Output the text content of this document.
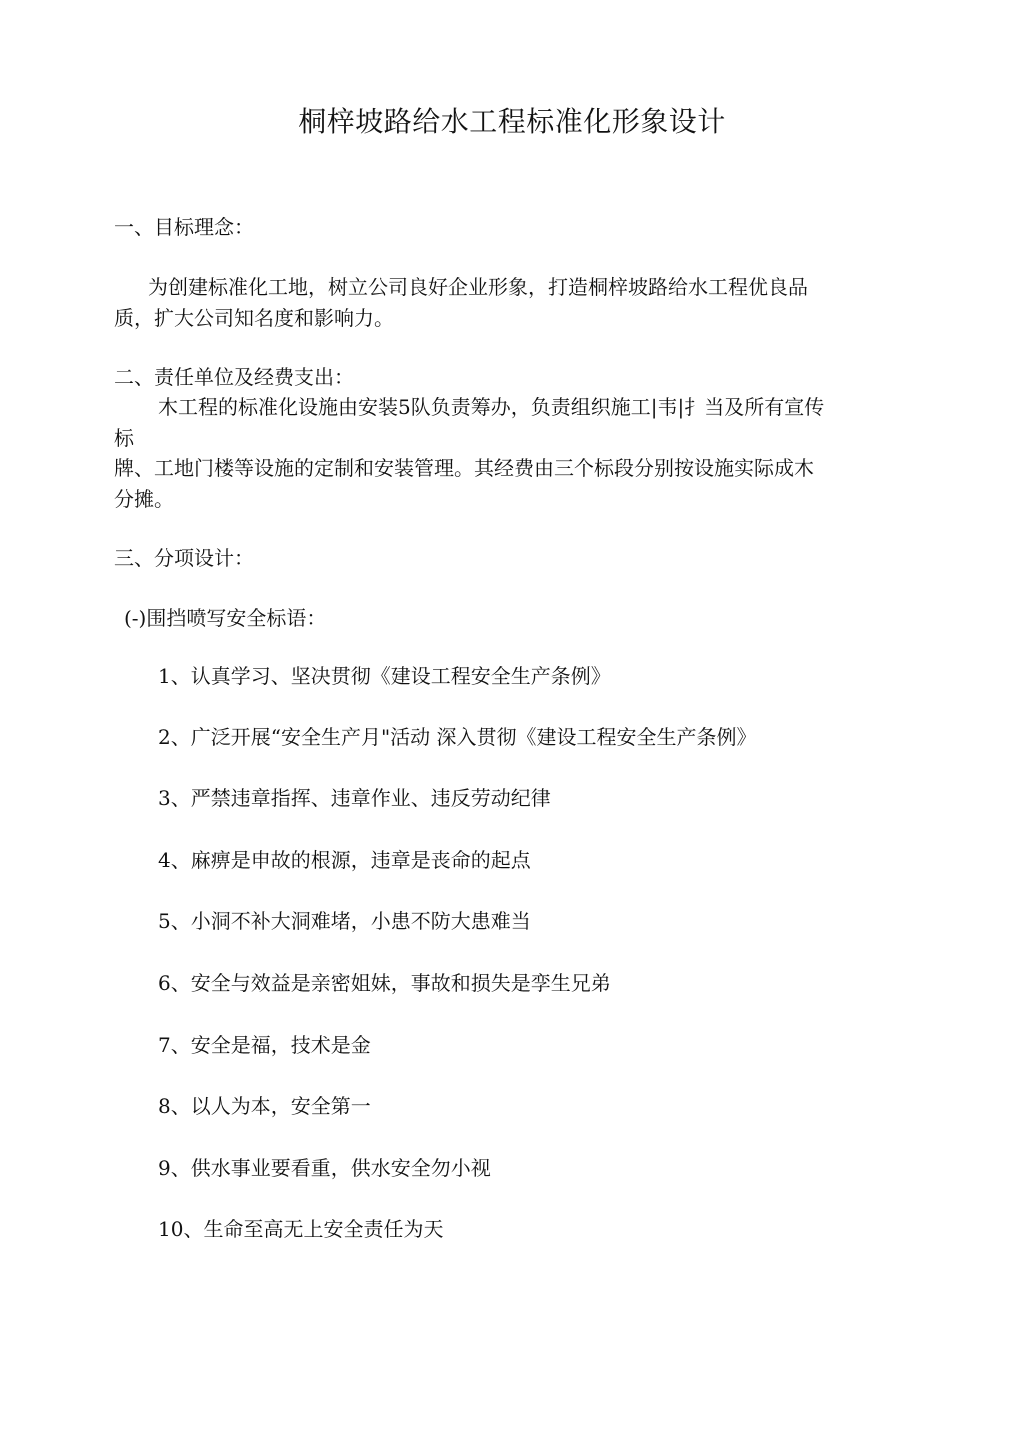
桐梓坡路给水工程标准化形象设计
一、目标理念：
为创建标准化工地，树立公司良好企业形象，打造桐梓坡路给水工程优良品
质，扩大公司知名度和影响力。
二、责任单位及经费支出：
木工程的标准化设施由安装5队负责筹办，负责组织施工|韦|扌当及所有宣传
标
牌、工地门楼等设施的定制和安装管理。其经费由三个标段分别按设施实际成木
分摊。
三、分项设计：
(-)围挡喷写安全标语：
1、认真学习、坚决贯彻《建设工程安全生产条例》
2、广泛开展“安全生产月"活动 深入贯彻《建设工程安全生产条例》
3、严禁违章指挥、违章作业、违反劳动纪律
4、麻痹是申故的根源，违章是丧命的起点
5、小洞不补大洞难堵，小患不防大患难当
6、安全与效益是亲密姐妹，事故和损失是孪生兄弟
7、安全是福，技术是金
8、以人为本，安全第一
9、供水事业要看重，供水安全勿小视
10、生命至高无上安全责任为天
